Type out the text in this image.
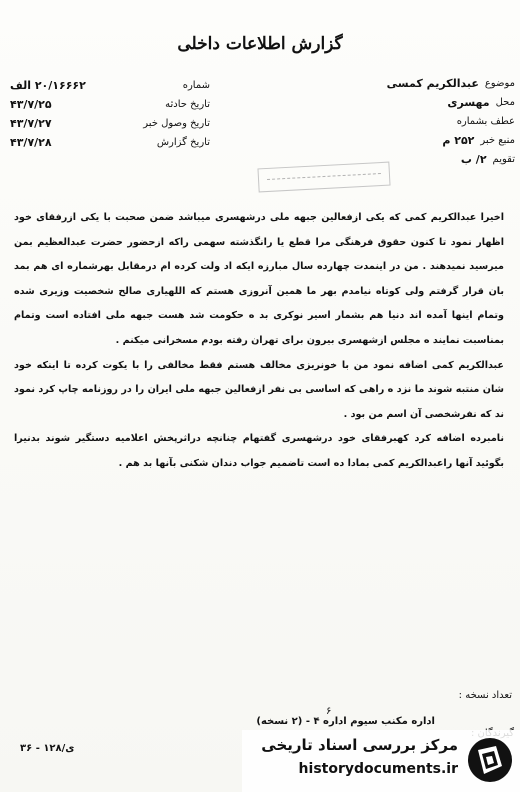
گزارش اطلاعات داخلی
شماره
۲۰/۱۶۶۶۲ الف
تاریخ حادثه
۴۳/۷/۲۵
تاریخ وصول خبر
۴۳/۷/۲۷
تاریخ گزارش
۴۳/۷/۲۸
موضوع
عبدالکریم کمسی
محل
مهسری
عطف بشماره
منبع خبر
۲۵۲ م
تقویم
۲/ ب

اخیرا عبدالکریم کمی که یکی ازفعالین جبهه ملی درشهسری میباشد ضمن صحبت با یکی ازرفقای خود اظهار نمود تا کنون حقوق فرهنگی مرا قطع یا رانگذشته سهمی راکه ازحضور حضرت عبدالعظیم بمن میرسید نمیدهند . من در اینمدت چهارده سال مبارزه ایکه اد ولت کرده ام درمقابل بهرشماره ای هم بمد بان قرار گرفتم ولی کوتاه نیامدم بهر ما همین آنروزی هستم که اللهیاری صالح شخصیت وزیری شده وتمام اینها آمده اند دنیا هم بشمار اسیر نوکری بد ه حکومت شد هست جبهه ملی افتاده است وتمام بمناسبت نمایند ه مجلس ازشهسری بیرون برای تهران رفته بودم مسخرانی میکنم .

عبدالکریم کمی اضافه نمود من با خونریزی مخالف هستم فقط مخالفی را با یکوت کرده تا اینکه خود شان منتبه شوند ما نزد ه راهی که اساسی بی نفر ازفعالین جبهه ملی ایران را در روزنامه چاپ کرد نمود ند که نفرشخصی آن اسم من بود .

نامبرده اضافه کرد کهبرفقای خود درشهسری گفتهام چنانچه دراثرپخش اعلامیه دستگیر شوند بدنیرا بگوئید آنها راعبدالکریم کمی بمادا ده است تاضمیم جواب دندان شکنی بآنها بد هم .

تعداد نسخه :
۶
اداره مکنب سیوم اداره ۴ - (۲ نسخه)
۳۶ - ۱۲۸/ی	مرکز بررسی اسناد تاریخی
historydocuments.ir
